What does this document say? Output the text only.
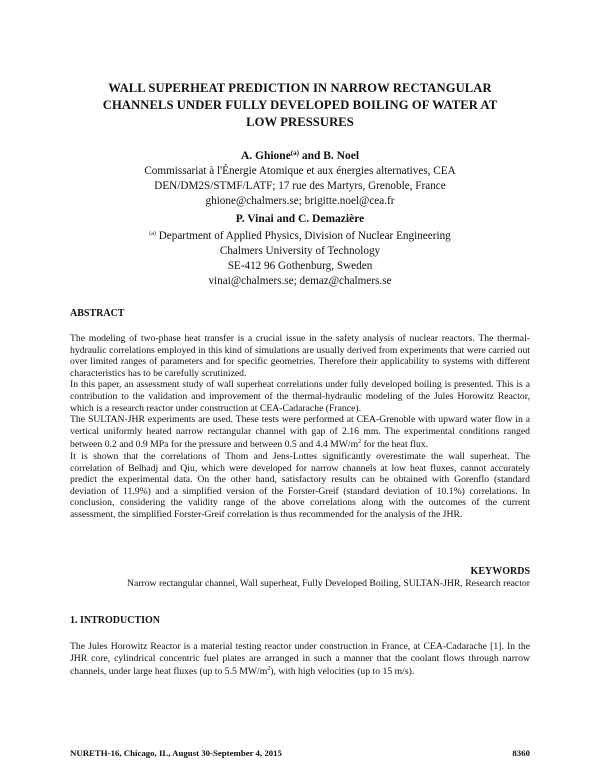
WALL SUPERHEAT PREDICTION IN NARROW RECTANGULAR
CHANNELS UNDER FULLY DEVELOPED BOILING OF WATER AT
LOW PRESSURES
A. Ghione$^{(a)}$ and B. Noel
Commissariat à l'Énergie Atomique et aux énergies alternatives, CEA
DEN/DM2S/STMF/LATF; 17 rue des Martyrs, Grenoble, France
ghione@chalmers.se; brigitte.noel@cea.fr
P. Vinai and C. Demazière
$^{(a)}$ Department of Applied Physics, Division of Nuclear Engineering
Chalmers University of Technology
SE-412 96 Gothenburg, Sweden
vinai@chalmers.se; demaz@chalmers.se
ABSTRACT

The modeling of two-phase heat transfer is a crucial issue in the safety analysis of nuclear reactors. The thermal-hydraulic correlations employed in this kind of simulations are usually derived from experiments that were carried out over limited ranges of parameters and for specific geometries. Therefore their applicability to systems with different characteristics has to be carefully scrutinized.

In this paper, an assessment study of wall superheat correlations under fully developed boiling is presented. This is a contribution to the validation and improvement of the thermal-hydraulic modeling of the Jules Horowitz Reactor, which is a research reactor under construction at CEA-Cadarache (France).

The SULTAN-JHR experiments are used. These tests were performed at CEA-Grenoble with upward water flow in a vertical uniformly heated narrow rectangular channel with gap of 2.16 mm. The experimental conditions ranged between 0.2 and 0.9 MPa for the pressure and between 0.5 and 4.4 $MW/m^2$ for the heat flux.

It is shown that the correlations of Thom and Jens-Lottes significantly overestimate the wall superheat. The correlation of Belhadj and Qiu, which were developed for narrow channels at low heat fluxes, cannot accurately predict the experimental data. On the other hand, satisfactory results can be obtained with Gorenflo (standard deviation of 11.9%) and a simplified version of the Forster-Greif (standard deviation of 10.1%) correlations. In conclusion, considering the validity range of the above correlations along with the outcomes of the current assessment, the simplified Forster-Greif correlation is thus recommended for the analysis of the JHR.

KEYWORDS
Narrow rectangular channel, Wall superheat, Fully Developed Boiling, SULTAN-JHR, Research reactor
1. INTRODUCTION

The Jules Horowitz Reactor is a material testing reactor under construction in France, at CEA-Cadarache [1]. In the JHR core, cylindrical concentric fuel plates are arranged in such a manner that the coolant flows through narrow channels, under large heat fluxes (up to 5.5 $MW/m^2$), with high velocities (up to 15 m/s).

NURETH-16, Chicago, IL, August 30-September 4, 2015	8360
